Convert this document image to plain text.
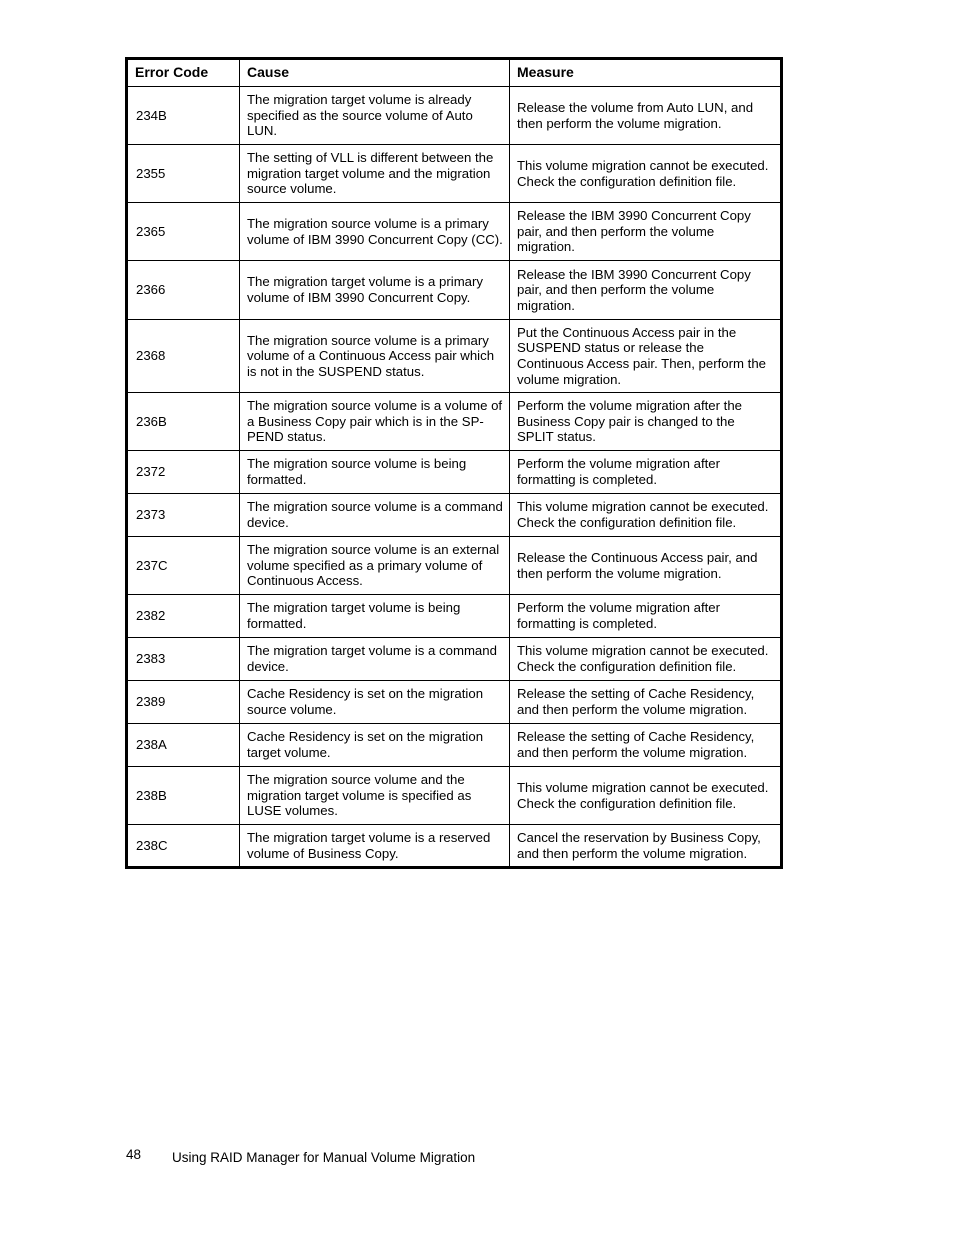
Error Code	Cause	Measure
234B	The migration target volume is already specified as the source volume of Auto LUN.	Release the volume from Auto LUN, and then perform the volume migration.
2355	The setting of VLL is different between the migration target volume and the migration source volume.	This volume migration cannot be executed. Check the configuration definition file.
2365	The migration source volume is a primary volume of IBM 3990 Concurrent Copy (CC).	Release the IBM 3990 Concurrent Copy pair, and then perform the volume migration.
2366	The migration target volume is a primary volume of IBM 3990 Concurrent Copy.	Release the IBM 3990 Concurrent Copy pair, and then perform the volume migration.
2368	The migration source volume is a primary volume of a Continuous Access pair which is not in the SUSPEND status.	Put the Continuous Access pair in the SUSPEND status or release the Continuous Access pair. Then, perform the volume migration.
236B	The migration source volume is a volume of a Business Copy pair which is in the SP-PEND status.	Perform the volume migration after the Business Copy pair is changed to the SPLIT status.
2372	The migration source volume is being formatted.	Perform the volume migration after formatting is completed.
2373	The migration source volume is a command device.	This volume migration cannot be executed. Check the configuration definition file.
237C	The migration source volume is an external volume specified as a primary volume of Continuous Access.	Release the Continuous Access pair, and then perform the volume migration.
2382	The migration target volume is being formatted.	Perform the volume migration after formatting is completed.
2383	The migration target volume is a command device.	This volume migration cannot be executed. Check the configuration definition file.
2389	Cache Residency is set on the migration source volume.	Release the setting of Cache Residency, and then perform the volume migration.
238A	Cache Residency is set on the migration target volume.	Release the setting of Cache Residency, and then perform the volume migration.
238B	The migration source volume and the migration target volume is specified as LUSE volumes.	This volume migration cannot be executed. Check the configuration definition file.
238C	The migration target volume is a reserved volume of Business Copy.	Cancel the reservation by Business Copy, and then perform the volume migration.
48 Using RAID Manager for Manual Volume Migration
